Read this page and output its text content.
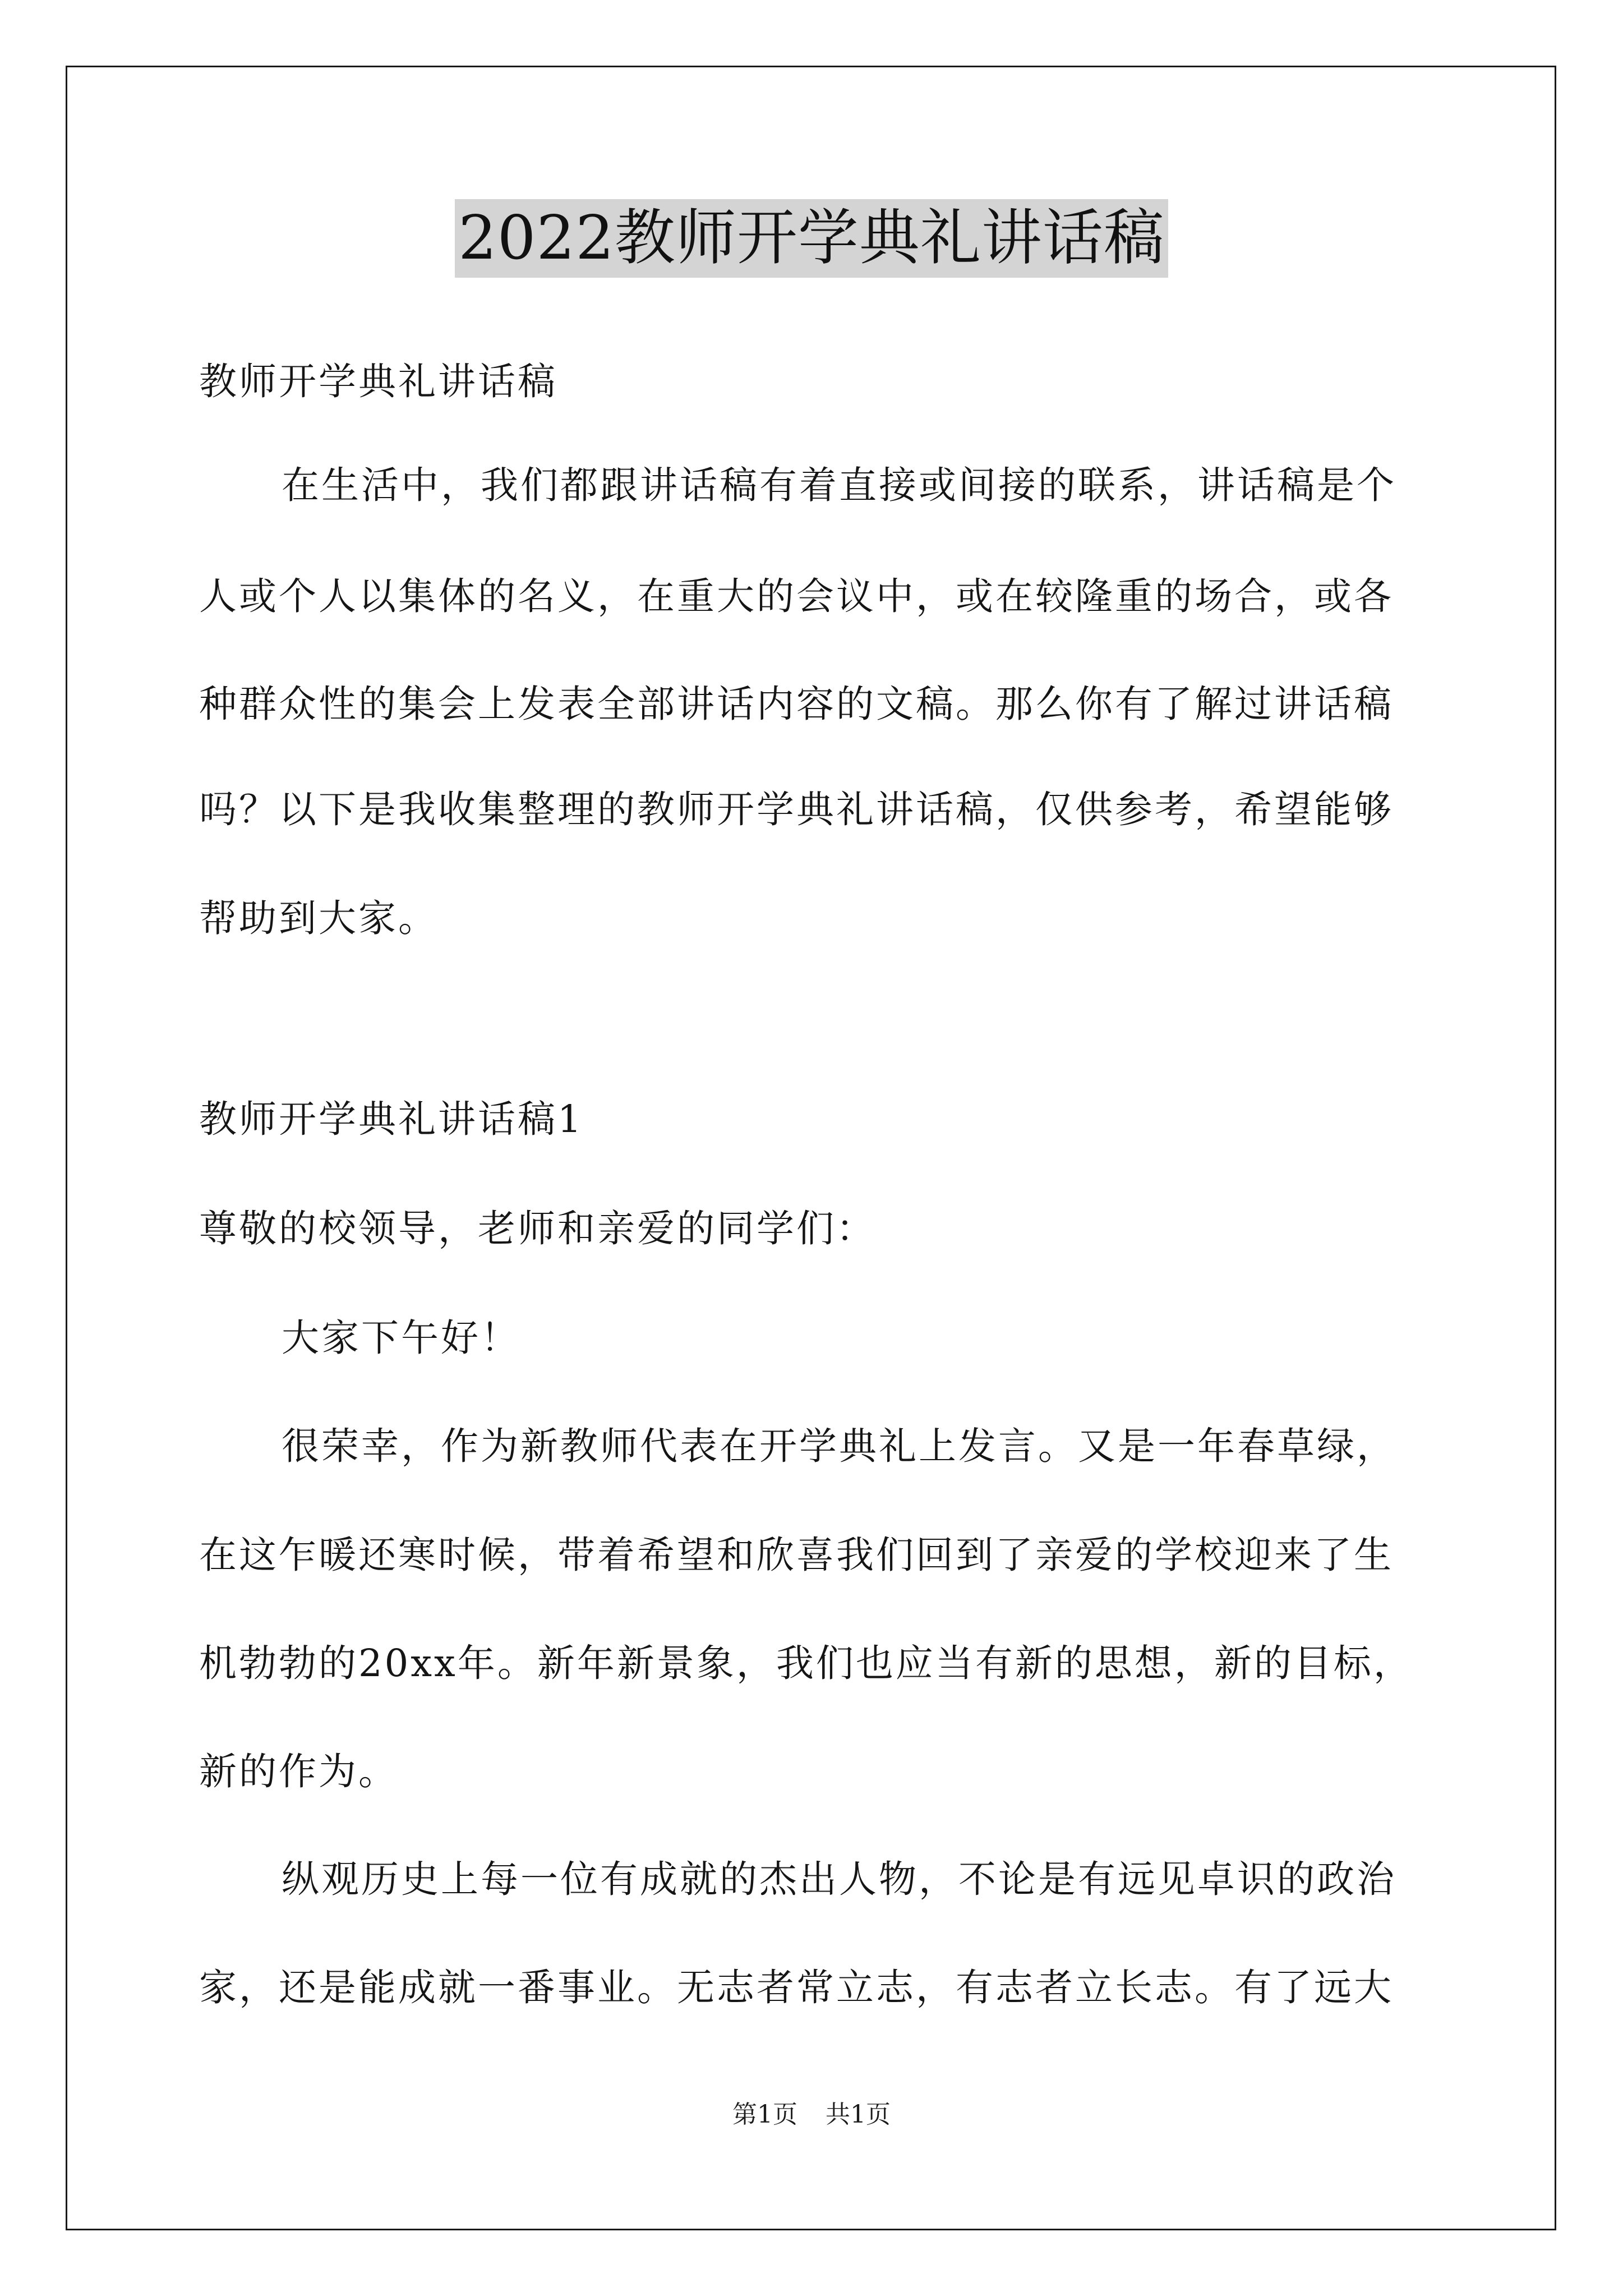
2022教师开学典礼讲话稿
教师开学典礼讲话稿
在生活中，我们都跟讲话稿有着直接或间接的联系，讲话稿是个
人或个人以集体的名义，在重大的会议中，或在较隆重的场合，或各
种群众性的集会上发表全部讲话内容的文稿。那么你有了解过讲话稿
吗？以下是我收集整理的教师开学典礼讲话稿，仅供参考，希望能够
帮助到大家。
教师开学典礼讲话稿1
尊敬的校领导，老师和亲爱的同学们：
大家下午好！
很荣幸，作为新教师代表在开学典礼上发言。又是一年春草绿，
在这乍暖还寒时候，带着希望和欣喜我们回到了亲爱的学校迎来了生
机勃勃的20xx年。新年新景象，我们也应当有新的思想，新的目标，
新的作为。
纵观历史上每一位有成就的杰出人物，不论是有远见卓识的政治
家，还是能成就一番事业。无志者常立志，有志者立长志。有了远大
第1页 共1页
